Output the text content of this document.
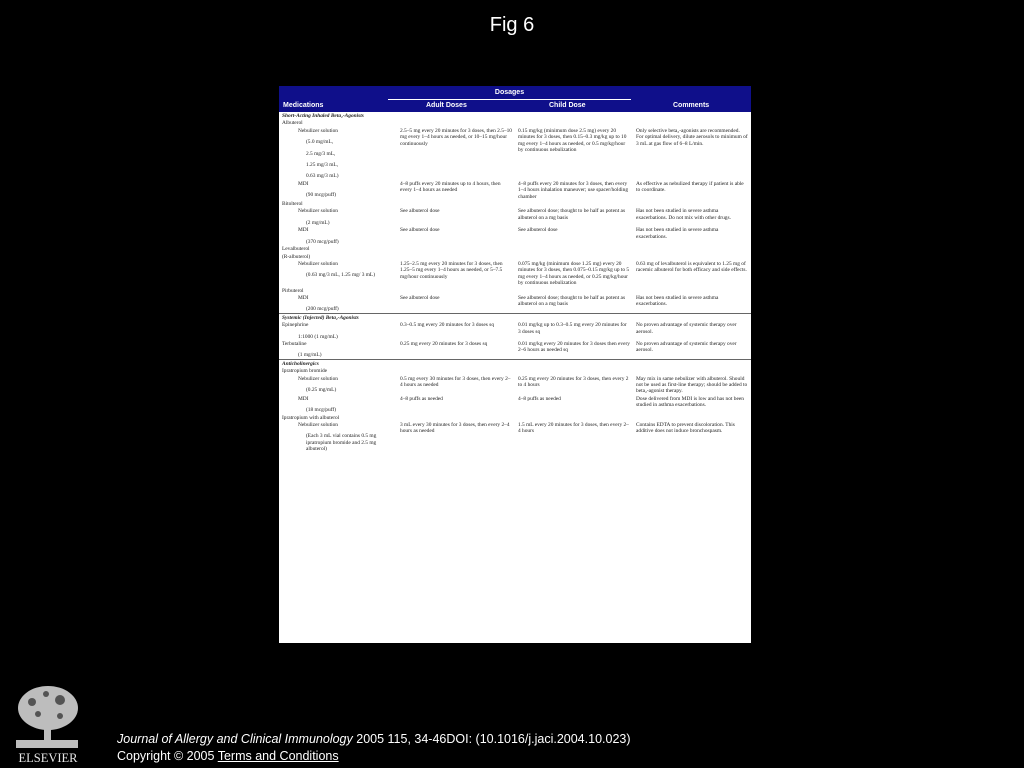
Fig 6
Dosages
Medications	Adult Doses	Child Dose	Comments
Short-Acting Inhaled Beta₂-Agonists			

Albuterol			

Nebulizer solution
(5.0 mg/mL,
2.5 mg/3 mL,
1.25 mg/3 mL,
0.63 mg/3 mL)	2.5–5 mg every 20 minutes for 3 doses, then 2.5–10 mg every 1–4 hours as needed, or 10–15 mg/hour continuously	0.15 mg/kg (minimum dose 2.5 mg) every 20 minutes for 3 doses, then 0.15–0.3 mg/kg up to 10 mg every 1–4 hours as needed, or 0.5 mg/kg/hour by continuous nebulization	Only selective beta₂-agonists are recommended. For optimal delivery, dilute aerosols to minimum of 3 mL at gas flow of 6–8 L/min.

MDI
(90 mcg/puff)	4–8 puffs every 20 minutes up to 4 hours, then every 1–4 hours as needed	4–8 puffs every 20 minutes for 3 doses, then every 1–4 hours inhalation maneuver; use spacer/holding chamber	As effective as nebulized therapy if patient is able to coordinate.

Bitolterol			

Nebulizer solution
(2 mg/mL)	See albuterol dose	See albuterol dose; thought to be half as potent as albuterol on a mg basis	Has not been studied in severe asthma exacerbations. Do not mix with other drugs.

MDI
(370 mcg/puff)	See albuterol dose	See albuterol dose	Has not been studied in severe asthma exacerbations.

Levalbuterol			

(R-albuterol)			

Nebulizer solution
(0.63 mg/3 mL, 1.25 mg/ 3 mL)	1.25–2.5 mg every 20 minutes for 3 doses, then 1.25–5 mg every 1–4 hours as needed, or 5–7.5 mg/hour continuously	0.075 mg/kg (minimum dose 1.25 mg) every 20 minutes for 3 doses, then 0.075–0.15 mg/kg up to 5 mg every 1–4 hours as needed, or 0.25 mg/kg/hour by continuous nebulization	0.63 mg of levalbuterol is equivalent to 1.25 mg of racemic albuterol for both efficacy and side effects.

Pirbuterol			

MDI
(200 mcg/puff)	See albuterol dose	See albuterol dose; thought to be half as potent as albuterol on a mg basis	Has not been studied in severe asthma exacerbations.
Systemic (Injected) Beta₂-Agonists			

Epinephrine
1:1000 (1 mg/mL)	0.3–0.5 mg every 20 minutes for 3 doses sq	0.01 mg/kg up to 0.3–0.5 mg every 20 minutes for 3 doses sq	No proven advantage of systemic therapy over aerosol.

Terbutaline
(1 mg/mL)	0.25 mg every 20 minutes for 3 doses sq	0.01 mg/kg every 20 minutes for 3 doses then every 2–6 hours as needed sq	No proven advantage of systemic therapy over aerosol.
Anticholinergics			

Ipratropium bromide			

Nebulizer solution
(0.25 mg/mL)	0.5 mg every 30 minutes for 3 doses, then every 2–4 hours as needed	0.25 mg every 20 minutes for 3 doses, then every 2 to 4 hours	May mix in same nebulizer with albuterol. Should not be used as first-line therapy; should be added to beta₂-agonist therapy.

MDI
(18 mcg/puff)	4–8 puffs as needed	4–8 puffs as needed	Dose delivered from MDI is low and has not been studied in asthma exacerbations.

Ipratropium with albuterol			

Nebulizer solution
(Each 3 mL vial contains 0.5 mg ipratropium bromide and 2.5 mg albuterol)	3 mL every 30 minutes for 3 doses, then every 2–4 hours as needed	1.5 mL every 20 minutes for 3 doses, then every 2–4 hours	Contains EDTA to prevent discoloration. This additive does not induce bronchospasm.
ELSEVIER
Journal of Allergy and Clinical Immunology 2005 115, 34-46DOI: (10.1016/j.jaci.2004.10.023)
Copyright © 2005 Terms and Conditions
